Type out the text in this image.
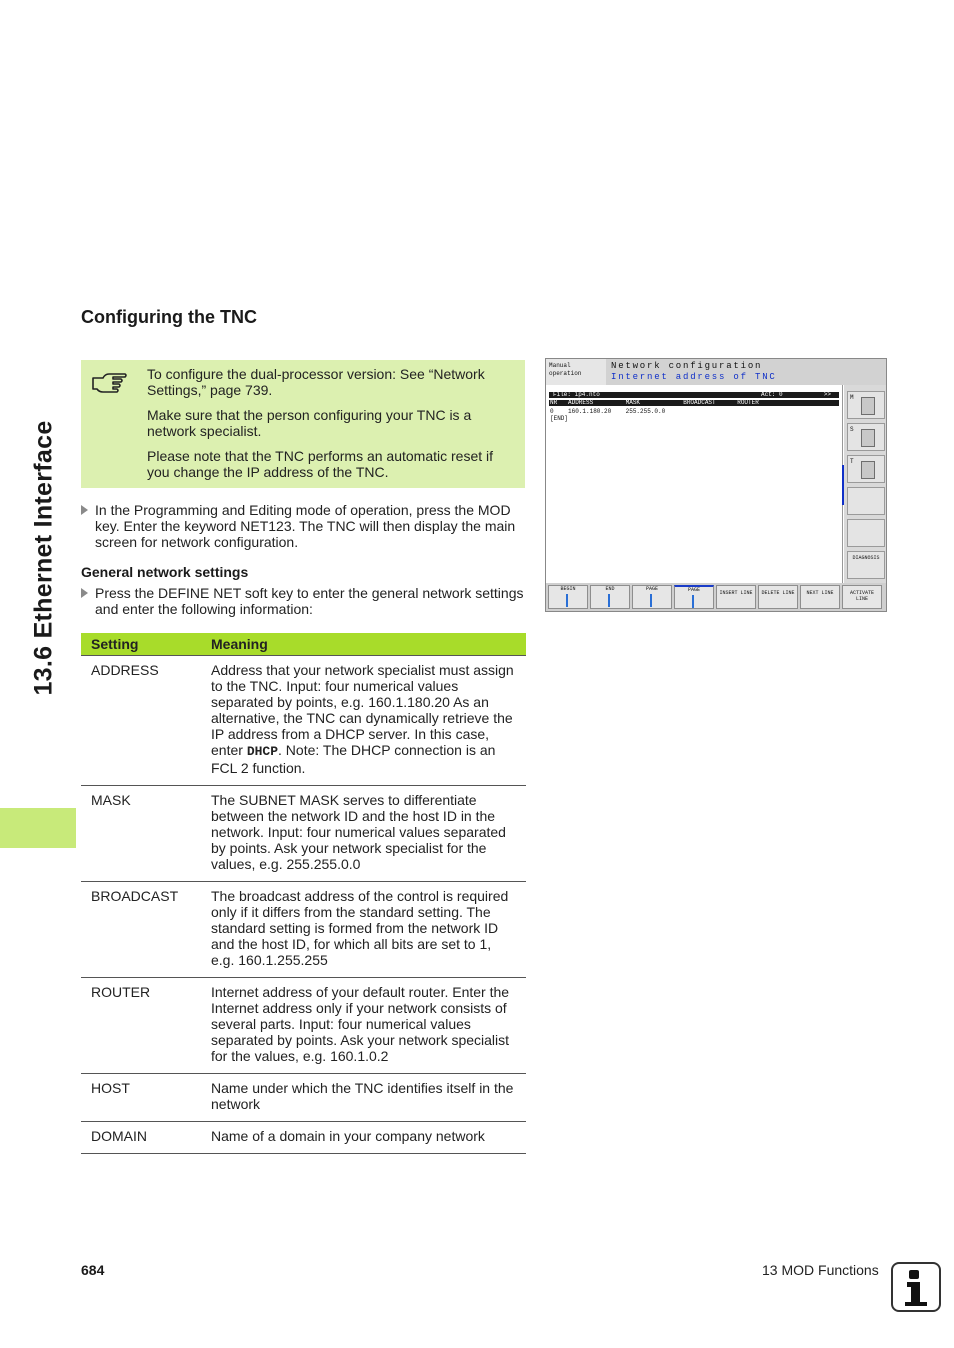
13.6 Ethernet Interface
Configuring the TNC

To configure the dual-processor version: See “Network Settings,” page 739.

Make sure that the person configuring your TNC is a network specialist.

Please note that the TNC performs an automatic reset if you change the IP address of the TNC.

In the Programming and Editing mode of operation, press the MOD key. Enter the keyword NET123. The TNC will then display the main screen for network configuration.
General network settings
Press the DEFINE NET soft key to enter the general network settings and enter the following information:
Setting	Meaning
ADDRESS	Address that your network specialist must assign to the TNC. Input: four numerical values separated by points, e.g. 160.1.180.20 As an alternative, the TNC can dynamically retrieve the IP address from a DHCP server. In this case, enter DHCP. Note: The DHCP connection is an FCL 2 function.
MASK	The SUBNET MASK serves to differentiate between the network ID and the host ID in the network. Input: four numerical values separated by points. Ask your network specialist for the values, e.g. 255.255.0.0
BROADCAST	The broadcast address of the control is required only if it differs from the standard setting. The standard setting is formed from the network ID and the host ID, for which all bits are set to 1, e.g. 160.1.255.255
ROUTER	Internet address of your default router. Enter the Internet address only if your network consists of several parts. Input: four numerical values separated by points. Ask your network specialist for the values, e.g. 160.1.0.2
HOST	Name under which the TNC identifies itself in the network
DOMAIN	Name of a domain in your company network
Manual
operation
Network configuration
Internet address of TNC
File: ip4.nto	Act: 0	>>
NR   ADDRESS         MASK            BROADCAST      ROUTER
0    160.1.180.20    255.255.0.0
[END]
M
S
T
DIAGNOSIS
BEGIN	END	PAGE	PAGE	INSERT LINE	DELETE LINE	NEXT LINE	ACTIVATE LINE
684	13 MOD Functions
